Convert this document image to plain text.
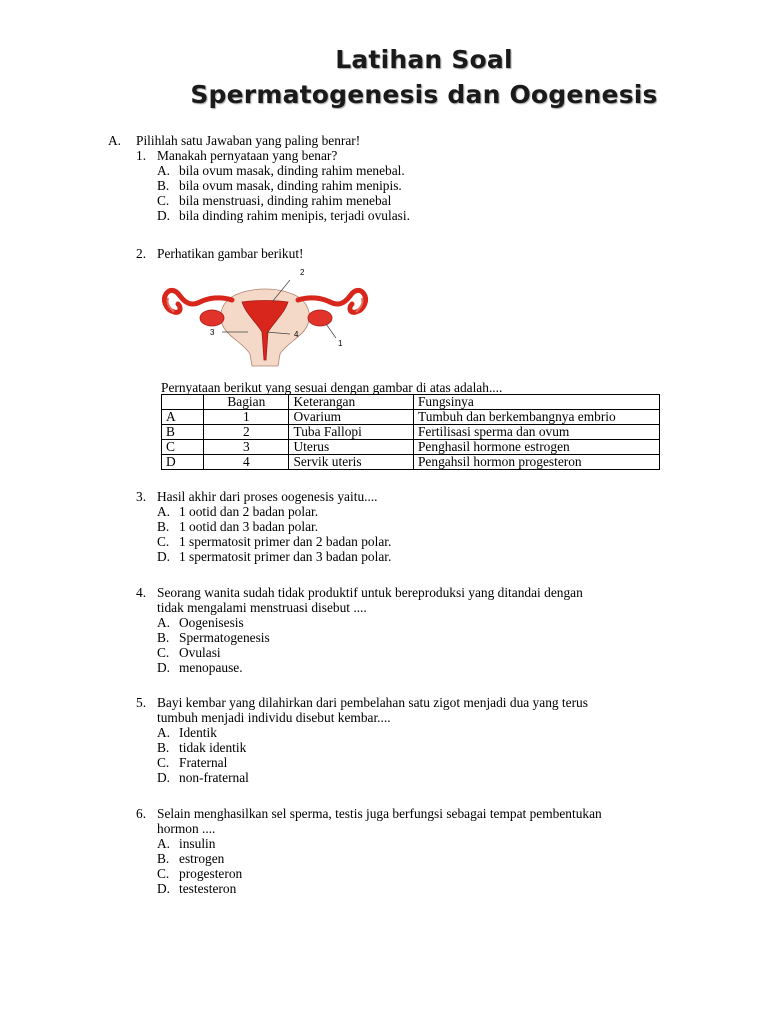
Latihan Soal
Spermatogenesis dan Oogenesis
A. Pilihlah satu Jawaban yang paling benrar!
1. Manakah pernyataan yang benar?
A. bila ovum masak, dinding rahim menebal.
B. bila ovum masak, dinding rahim menipis.
C. bila menstruasi, dinding rahim menebal
D. bila dinding rahim menipis, terjadi ovulasi.
2. Perhatikan gambar berikut!
Pernyataan berikut yang sesuai dengan gambar di atas adalah....
3. Hasil akhir dari proses oogenesis yaitu....
A. 1 ootid dan 2 badan polar.
B. 1 ootid dan 3 badan polar.
C. 1 spermatosit primer dan 2 badan polar.
D. 1 spermatosit primer dan 3 badan polar.
4. Seorang wanita sudah tidak produktif untuk bereproduksi yang ditandai dengan
tidak mengalami menstruasi disebut ....
A. Oogenisesis
B. Spermatogenesis
C. Ovulasi
D. menopause.
5. Bayi kembar yang dilahirkan dari pembelahan satu zigot menjadi dua yang terus
tumbuh menjadi individu disebut kembar....
A. Identik
B. tidak identik
C. Fraternal
D. non-fraternal
6. Selain menghasilkan sel sperma, testis juga berfungsi sebagai tempat pembentukan
hormon ....
A. insulin
B. estrogen
C. progesteron
D. testesteron
2
3	4
1
	Bagian	Keterangan	Fungsinya
A	1	Ovarium	Tumbuh dan berkembangnya embrio
B	2	Tuba Fallopi	Fertilisasi sperma dan ovum
C	3	Uterus	Penghasil hormone estrogen
D	4	Servik uteris	Pengahsil hormon progesteron
